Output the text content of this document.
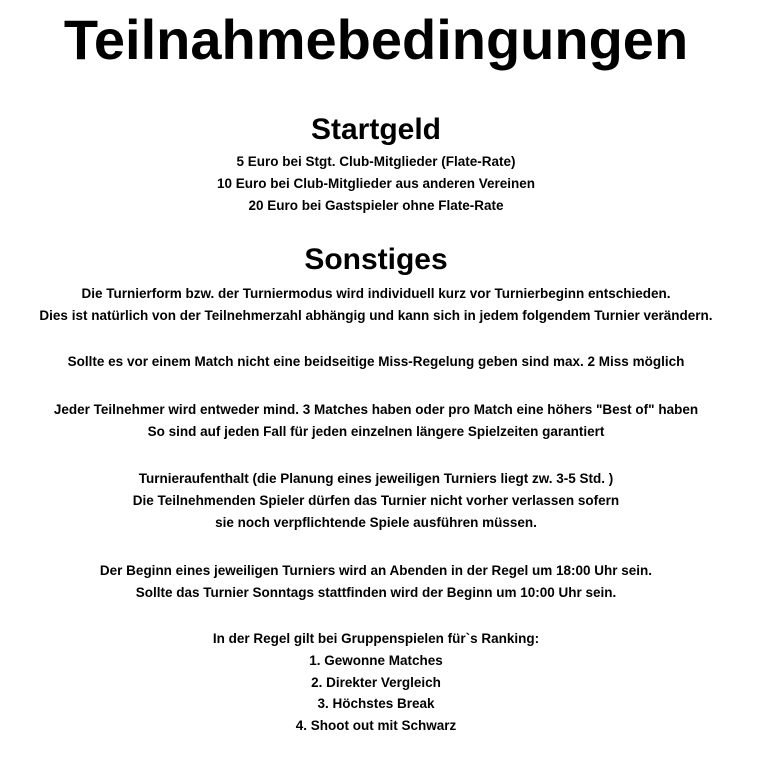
Teilnahmebedingungen
Startgeld
5 Euro bei Stgt. Club-Mitglieder (Flate-Rate)
10 Euro bei Club-Mitglieder aus anderen Vereinen
20 Euro bei Gastspieler ohne Flate-Rate
Sonstiges
Die Turnierform bzw. der Turniermodus wird individuell kurz vor Turnierbeginn entschieden.
Dies ist natürlich von der Teilnehmerzahl abhängig und kann sich in jedem folgendem Turnier verändern.
Sollte es vor einem Match nicht eine beidseitige Miss-Regelung geben sind max. 2 Miss möglich
Jeder Teilnehmer wird entweder mind. 3 Matches haben oder pro Match eine höhers "Best of" haben
So sind auf jeden Fall für jeden einzelnen längere Spielzeiten garantiert
Turnieraufenthalt (die Planung eines jeweiligen Turniers liegt zw. 3-5 Std. )
Die Teilnehmenden Spieler dürfen das Turnier nicht vorher verlassen sofern
sie noch verpflichtende Spiele ausführen müssen.
Der Beginn eines jeweiligen Turniers wird an Abenden in der Regel um 18:00 Uhr sein.
Sollte das Turnier Sonntags stattfinden wird der Beginn um 10:00 Uhr sein.
In der Regel gilt bei Gruppenspielen für`s Ranking:
1. Gewonne Matches
2. Direkter Vergleich
3. Höchstes Break
4. Shoot out mit Schwarz
